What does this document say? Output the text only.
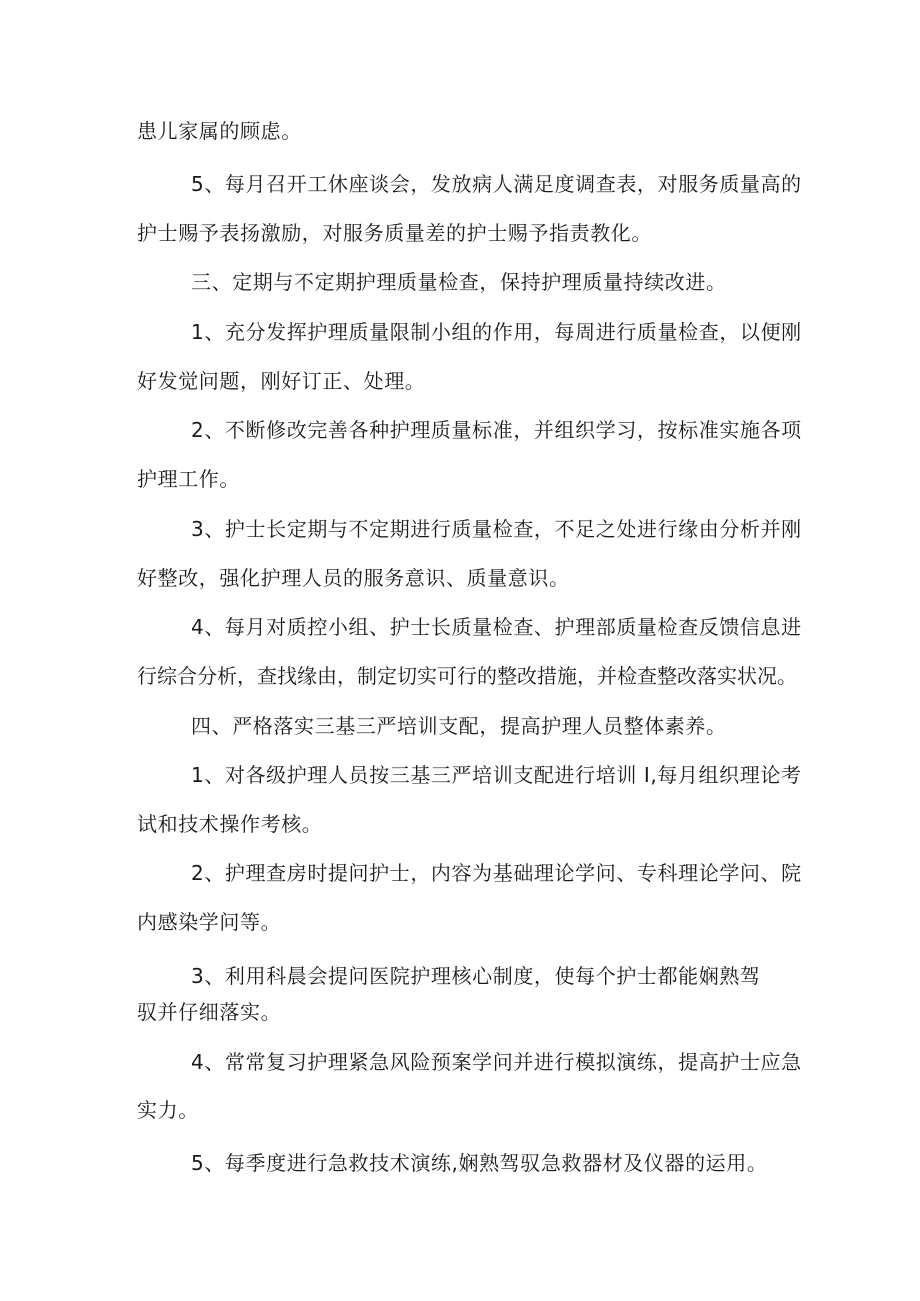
患儿家属的顾虑。
5、每月召开工休座谈会，发放病人满足度调查表，对服务质量高的
护士赐予表扬激励，对服务质量差的护士赐予指责教化。
三、定期与不定期护理质量检查，保持护理质量持续改进。
1、充分发挥护理质量限制小组的作用，每周进行质量检查，以便刚
好发觉问题，刚好订正、处理。
2、不断修改完善各种护理质量标准，并组织学习，按标准实施各项
护理工作。
3、护士长定期与不定期进行质量检查，不足之处进行缘由分析并刚
好整改，强化护理人员的服务意识、质量意识。
4、每月对质控小组、护士长质量检查、护理部质量检查反馈信息进
行综合分析，查找缘由，制定切实可行的整改措施，并检查整改落实状况。
四、严格落实三基三严培训支配，提高护理人员整体素养。
1、对各级护理人员按三基三严培训支配进行培训 I,每月组织理论考
试和技术操作考核。
2、护理查房时提问护士，内容为基础理论学问、专科理论学问、院
内感染学问等。
3、利用科晨会提问医院护理核心制度，使每个护士都能娴熟驾
驭并仔细落实。
4、常常复习护理紧急风险预案学问并进行模拟演练，提高护士应急
实力。
5、每季度进行急救技术演练,娴熟驾驭急救器材及仪器的运用。
